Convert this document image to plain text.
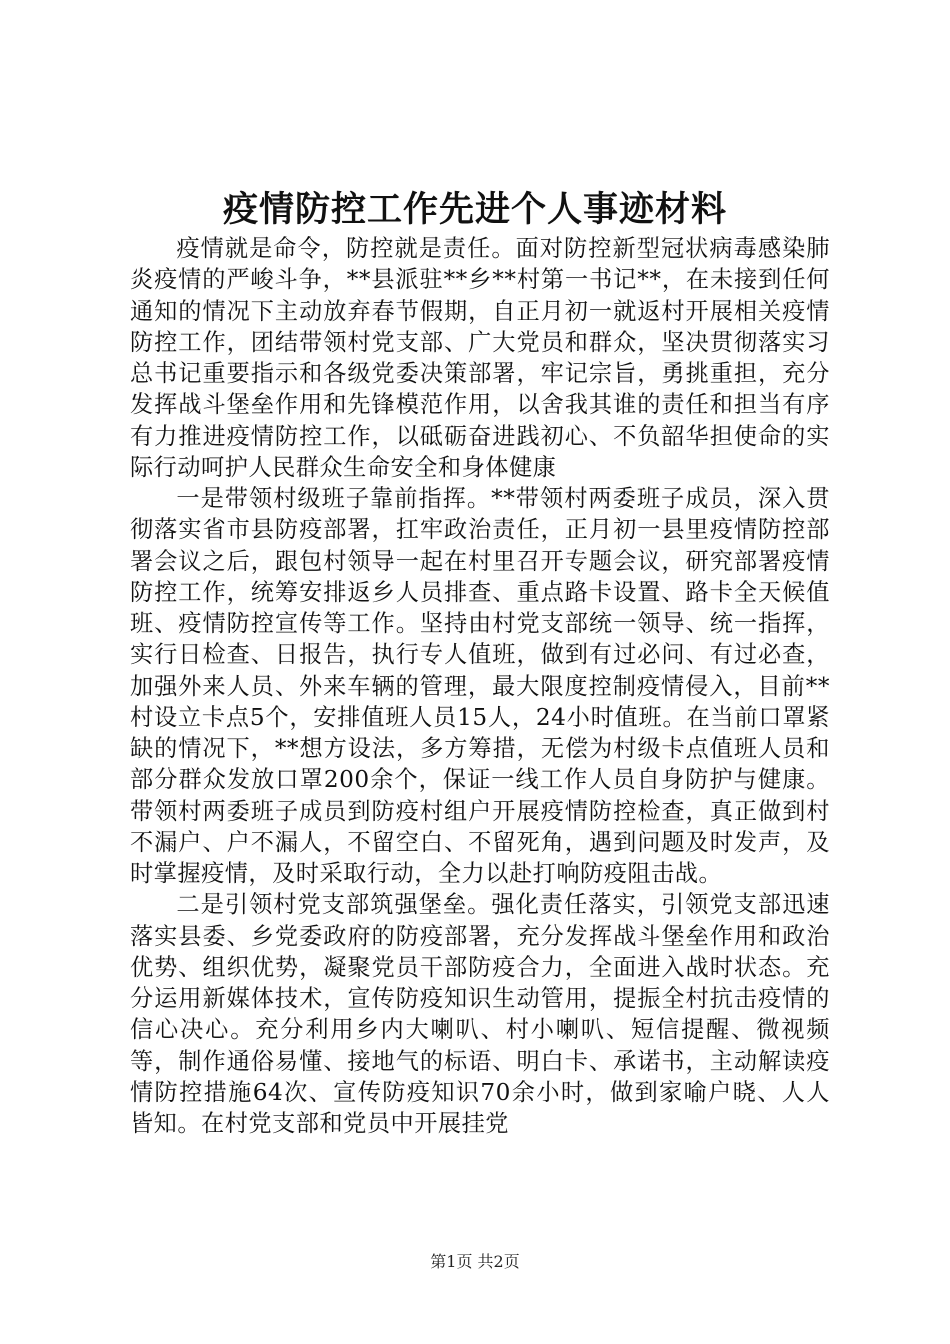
疫情防控工作先进个人事迹材料

疫情就是命令，防控就是责任。面对防控新型冠状病毒感染肺炎疫情的严峻斗争，**县派驻**乡**村第一书记**，在未接到任何通知的情况下主动放弃春节假期，自正月初一就返村开展相关疫情防控工作，团结带领村党支部、广大党员和群众，坚决贯彻落实习总书记重要指示和各级党委决策部署，牢记宗旨，勇挑重担，充分发挥战斗堡垒作用和先锋模范作用，以舍我其谁的责任和担当有序有力推进疫情防控工作，以砥砺奋进践初心、不负韶华担使命的实际行动呵护人民群众生命安全和身体健康

一是带领村级班子靠前指挥。**带领村两委班子成员，深入贯彻落实省市县防疫部署，扛牢政治责任，正月初一县里疫情防控部署会议之后，跟包村领导一起在村里召开专题会议，研究部署疫情防控工作，统筹安排返乡人员排查、重点路卡设置、路卡全天候值班、疫情防控宣传等工作。坚持由村党支部统一领导、统一指挥，实行日检查、日报告，执行专人值班，做到有过必问、有过必查，加强外来人员、外来车辆的管理，最大限度控制疫情侵入，目前**村设立卡点5个，安排值班人员15人，24小时值班。在当前口罩紧缺的情况下，**想方设法，多方筹措，无偿为村级卡点值班人员和部分群众发放口罩200余个，保证一线工作人员自身防护与健康。带领村两委班子成员到防疫村组户开展疫情防控检查，真正做到村不漏户、户不漏人，不留空白、不留死角，遇到问题及时发声，及时掌握疫情，及时采取行动，全力以赴打响防疫阻击战。

二是引领村党支部筑强堡垒。强化责任落实，引领党支部迅速落实县委、乡党委政府的防疫部署，充分发挥战斗堡垒作用和政治优势、组织优势，凝聚党员干部防疫合力，全面进入战时状态。充分运用新媒体技术，宣传防疫知识生动管用，提振全村抗击疫情的信心决心。充分利用乡内大喇叭、村小喇叭、短信提醒、微视频等，制作通俗易懂、接地气的标语、明白卡、承诺书，主动解读疫情防控措施64次、宣传防疫知识70余小时，做到家喻户晓、人人皆知。在村党支部和党员中开展挂党

第1页 共2页
